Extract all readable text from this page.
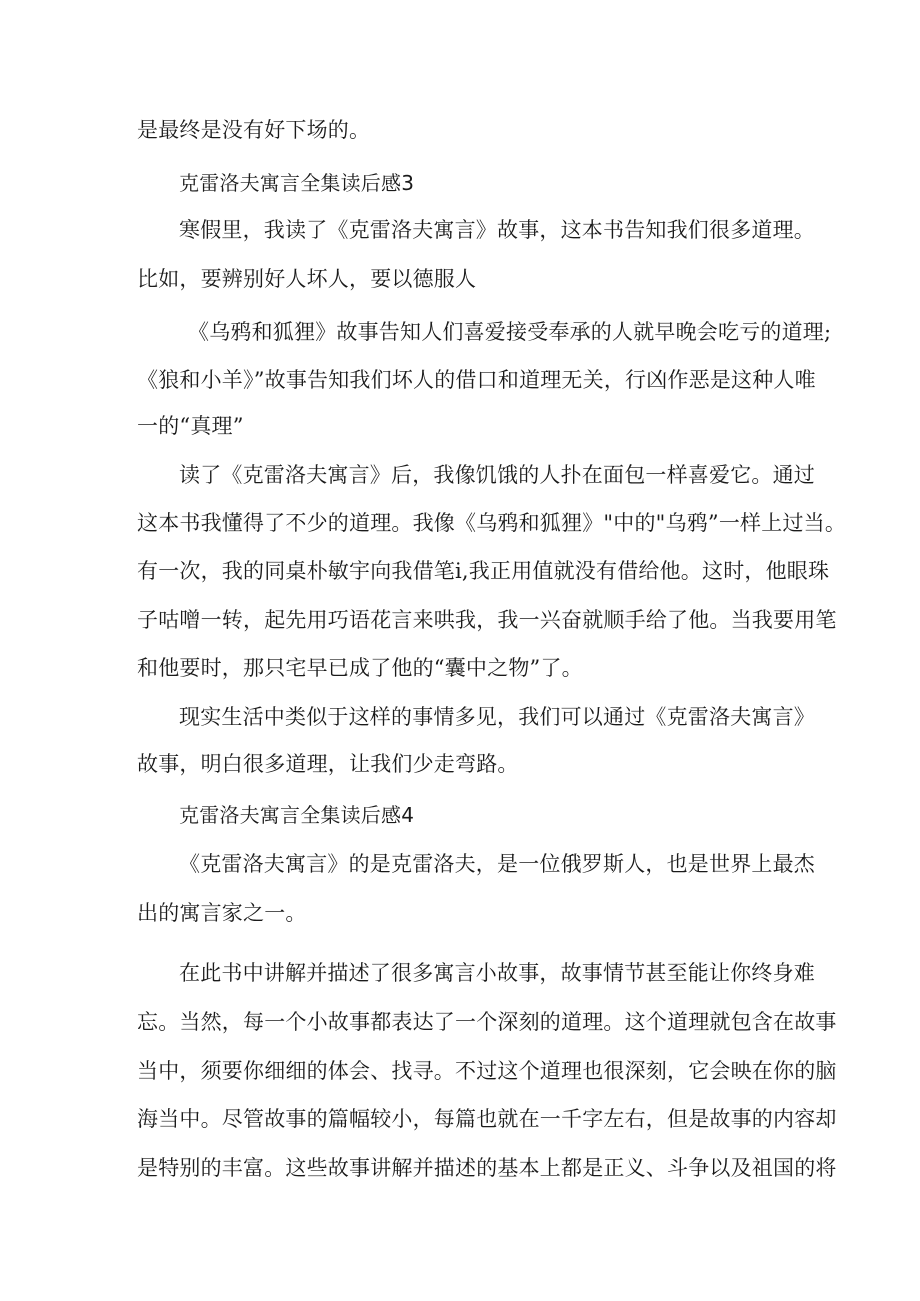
是最终是没有好下场的。
克雷洛夫寓言全集读后感3
寒假里，我读了《克雷洛夫寓言》故事，这本书告知我们很多道理。
比如，要辨别好人坏人，要以德服人
《乌鸦和狐狸》故事告知人们喜爱接受奉承的人就早晚会吃亏的道理;
《狼和小羊》”故事告知我们坏人的借口和道理无关，行凶作恶是这种人唯
一的“真理”
读了《克雷洛夫寓言》后，我像饥饿的人扑在面包一样喜爱它。通过
这本书我懂得了不少的道理。我像《乌鸦和狐狸》"中的"乌鸦”一样上过当。
有一次，我的同桌朴敏宇向我借笔i,我正用值就没有借给他。这时，他眼珠
子咕噌一转，起先用巧语花言来哄我，我一兴奋就顺手给了他。当我要用笔
和他要时，那只宅早已成了他的“囊中之物”了。
现实生活中类似于这样的事情多见，我们可以通过《克雷洛夫寓言》
故事，明白很多道理，让我们少走弯路。
克雷洛夫寓言全集读后感4
《克雷洛夫寓言》的是克雷洛夫，是一位俄罗斯人，也是世界上最杰
出的寓言家之一。
在此书中讲解并描述了很多寓言小故事，故事情节甚至能让你终身难
忘。当然，每一个小故事都表达了一个深刻的道理。这个道理就包含在故事
当中，须要你细细的体会、找寻。不过这个道理也很深刻，它会映在你的脑
海当中。尽管故事的篇幅较小，每篇也就在一千字左右，但是故事的内容却
是特别的丰富。这些故事讲解并描述的基本上都是正义、斗争以及祖国的将
